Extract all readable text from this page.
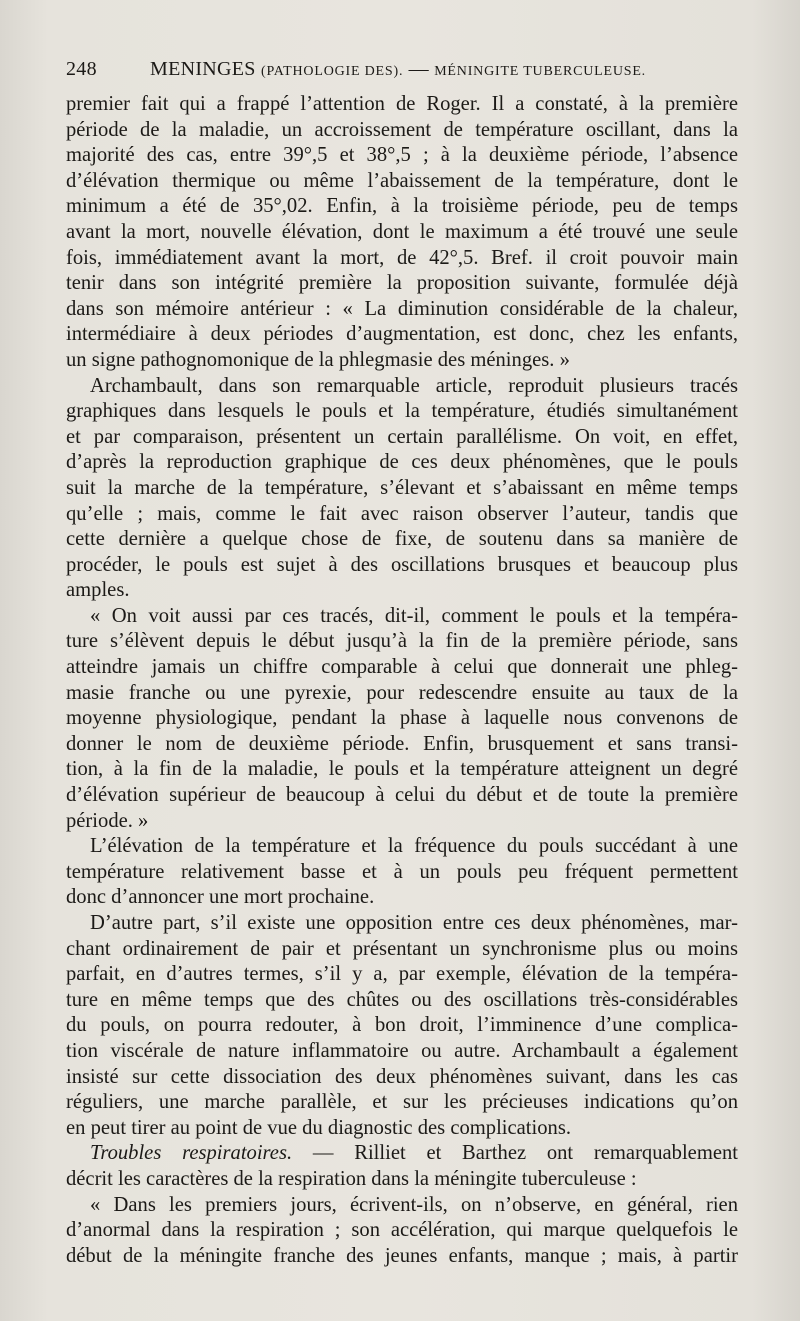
248	MENINGES (PATHOLOGIE DES). — MÉNINGITE TUBERCULEUSE.
premier fait qui a frappé l’attention de Roger. Il a constaté, à la première
période de la maladie, un accroissement de température oscillant, dans la
majorité des cas, entre 39°,5 et 38°,5 ; à la deuxième période, l’absence
d’élévation thermique ou même l’abaissement de la température, dont le
minimum a été de 35°,02. Enfin, à la troisième période, peu de temps
avant la mort, nouvelle élévation, dont le maximum a été trouvé une seule
fois, immédiatement avant la mort, de 42°,5. Bref. il croit pouvoir main
tenir dans son intégrité première la proposition suivante, formulée déjà
dans son mémoire antérieur : « La diminution considérable de la chaleur,
intermédiaire à deux périodes d’augmentation, est donc, chez les enfants,
un signe pathognomonique de la phlegmasie des méninges. »
Archambault, dans son remarquable article, reproduit plusieurs tracés
graphiques dans lesquels le pouls et la température, étudiés simultanément
et par comparaison, présentent un certain parallélisme. On voit, en effet,
d’après la reproduction graphique de ces deux phénomènes, que le pouls
suit la marche de la température, s’élevant et s’abaissant en même temps
qu’elle ; mais, comme le fait avec raison observer l’auteur, tandis que
cette dernière a quelque chose de fixe, de soutenu dans sa manière de
procéder, le pouls est sujet à des oscillations brusques et beaucoup plus
amples.
« On voit aussi par ces tracés, dit-il, comment le pouls et la tempéra-
ture s’élèvent depuis le début jusqu’à la fin de la première période, sans
atteindre jamais un chiffre comparable à celui que donnerait une phleg-
masie franche ou une pyrexie, pour redescendre ensuite au taux de la
moyenne physiologique, pendant la phase à laquelle nous convenons de
donner le nom de deuxième période. Enfin, brusquement et sans transi-
tion, à la fin de la maladie, le pouls et la température atteignent un degré
d’élévation supérieur de beaucoup à celui du début et de toute la première
période. »
L’élévation de la température et la fréquence du pouls succédant à une
température relativement basse et à un pouls peu fréquent permettent
donc d’annoncer une mort prochaine.
D’autre part, s’il existe une opposition entre ces deux phénomènes, mar-
chant ordinairement de pair et présentant un synchronisme plus ou moins
parfait, en d’autres termes, s’il y a, par exemple, élévation de la tempéra-
ture en même temps que des chûtes ou des oscillations très-considérables
du pouls, on pourra redouter, à bon droit, l’imminence d’une complica-
tion viscérale de nature inflammatoire ou autre. Archambault a également
insisté sur cette dissociation des deux phénomènes suivant, dans les cas
réguliers, une marche parallèle, et sur les précieuses indications qu’on
en peut tirer au point de vue du diagnostic des complications.
Troubles respiratoires. — Rilliet et Barthez ont remarquablement
décrit les caractères de la respiration dans la méningite tuberculeuse :
« Dans les premiers jours, écrivent-ils, on n’observe, en général, rien
d’anormal dans la respiration ; son accélération, qui marque quelquefois le
début de la méningite franche des jeunes enfants, manque ; mais, à partir
